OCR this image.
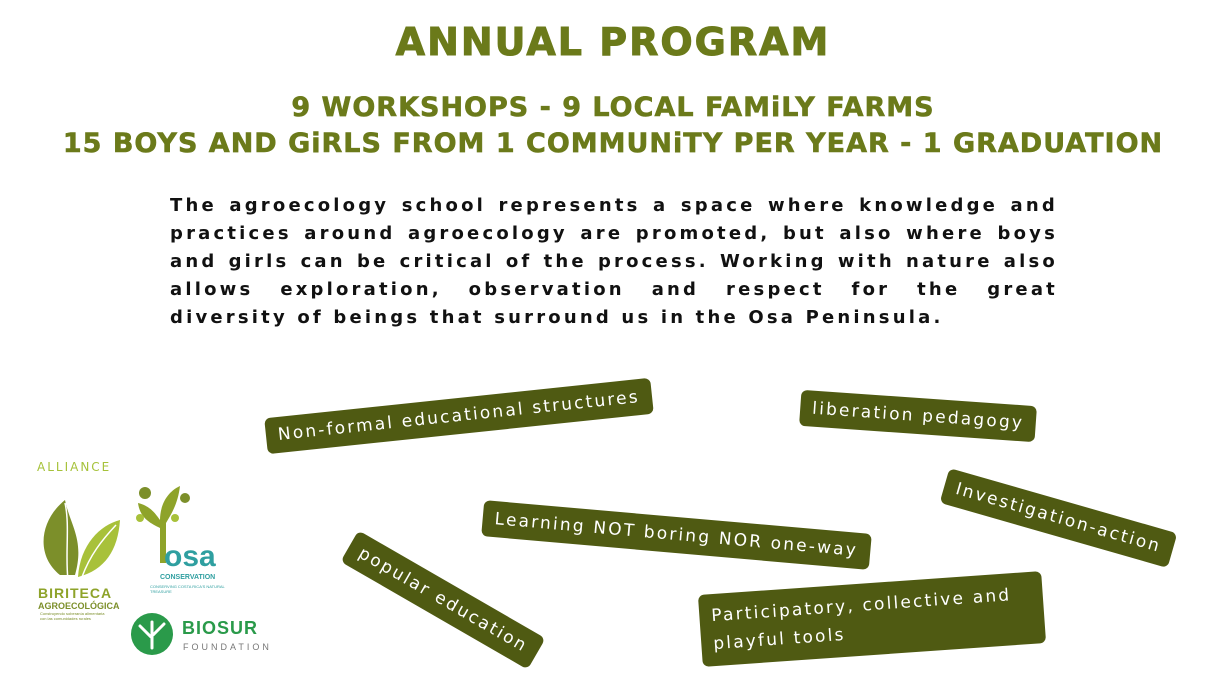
ANNUAL PROGRAM
9 WORKSHOPS - 9 LOCAL FAMiLY FARMS
15 BOYS AND GiRLS FROM 1 COMMUNiTY PER YEAR - 1 GRADUATION
The agroecology school represents a space where knowledge and practices around agroecology are promoted, but also where boys and girls can be critical of the process. Working with nature also allows exploration, observation and respect for the great diversity of beings that surround us in the Osa Peninsula.
Non-formal educational structures	liberation pedagogy
Learning NOT boring NOR one-way	Investigation-action
popular education	Participatory, collective and playful tools
ALLIANCE
BIRITECA
AGROECOLÓGICA
Construyendo soberanía alimentaria con las comunidades rurales
osa
CONSERVATION
CONSERVING COSTA RICA'S NATURAL TREASURE
BIOSUR
FOUNDATION
